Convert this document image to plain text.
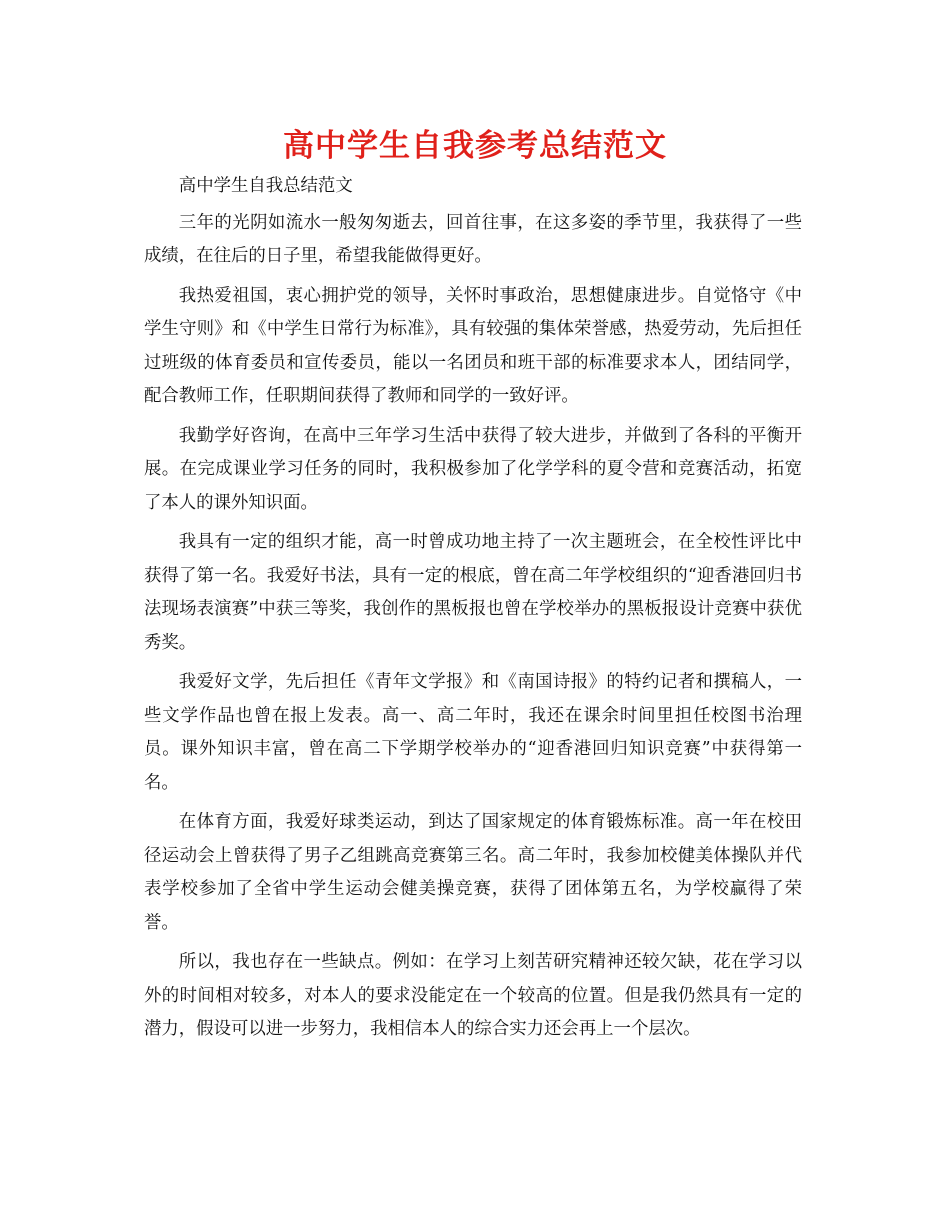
高中学生自我参考总结范文

高中学生自我总结范文

三年的光阴如流水一般匆匆逝去，回首往事，在这多姿的季节里，我获得了一些成绩，在往后的日子里，希望我能做得更好。

我热爱祖国，衷心拥护党的领导，关怀时事政治，思想健康进步。自觉恪守《中学生守则》和《中学生日常行为标准》，具有较强的集体荣誉感，热爱劳动，先后担任过班级的体育委员和宣传委员，能以一名团员和班干部的标准要求本人，团结同学，配合教师工作，任职期间获得了教师和同学的一致好评。

我勤学好咨询，在高中三年学习生活中获得了较大进步，并做到了各科的平衡开展。在完成课业学习任务的同时，我积极参加了化学学科的夏令营和竞赛活动，拓宽了本人的课外知识面。

我具有一定的组织才能，高一时曾成功地主持了一次主题班会，在全校性评比中获得了第一名。我爱好书法，具有一定的根底，曾在高二年学校组织的“迎香港回归书法现场表演赛”中获三等奖，我创作的黑板报也曾在学校举办的黑板报设计竞赛中获优秀奖。

我爱好文学，先后担任《青年文学报》和《南国诗报》的特约记者和撰稿人，一些文学作品也曾在报上发表。高一、高二年时，我还在课余时间里担任校图书治理员。课外知识丰富，曾在高二下学期学校举办的“迎香港回归知识竞赛”中获得第一名。

在体育方面，我爱好球类运动，到达了国家规定的体育锻炼标准。高一年在校田径运动会上曾获得了男子乙组跳高竞赛第三名。高二年时，我参加校健美体操队并代表学校参加了全省中学生运动会健美操竞赛，获得了团体第五名，为学校赢得了荣誉。

所以，我也存在一些缺点。例如：在学习上刻苦研究精神还较欠缺，花在学习以外的时间相对较多，对本人的要求没能定在一个较高的位置。但是我仍然具有一定的潜力，假设可以进一步努力，我相信本人的综合实力还会再上一个层次。
